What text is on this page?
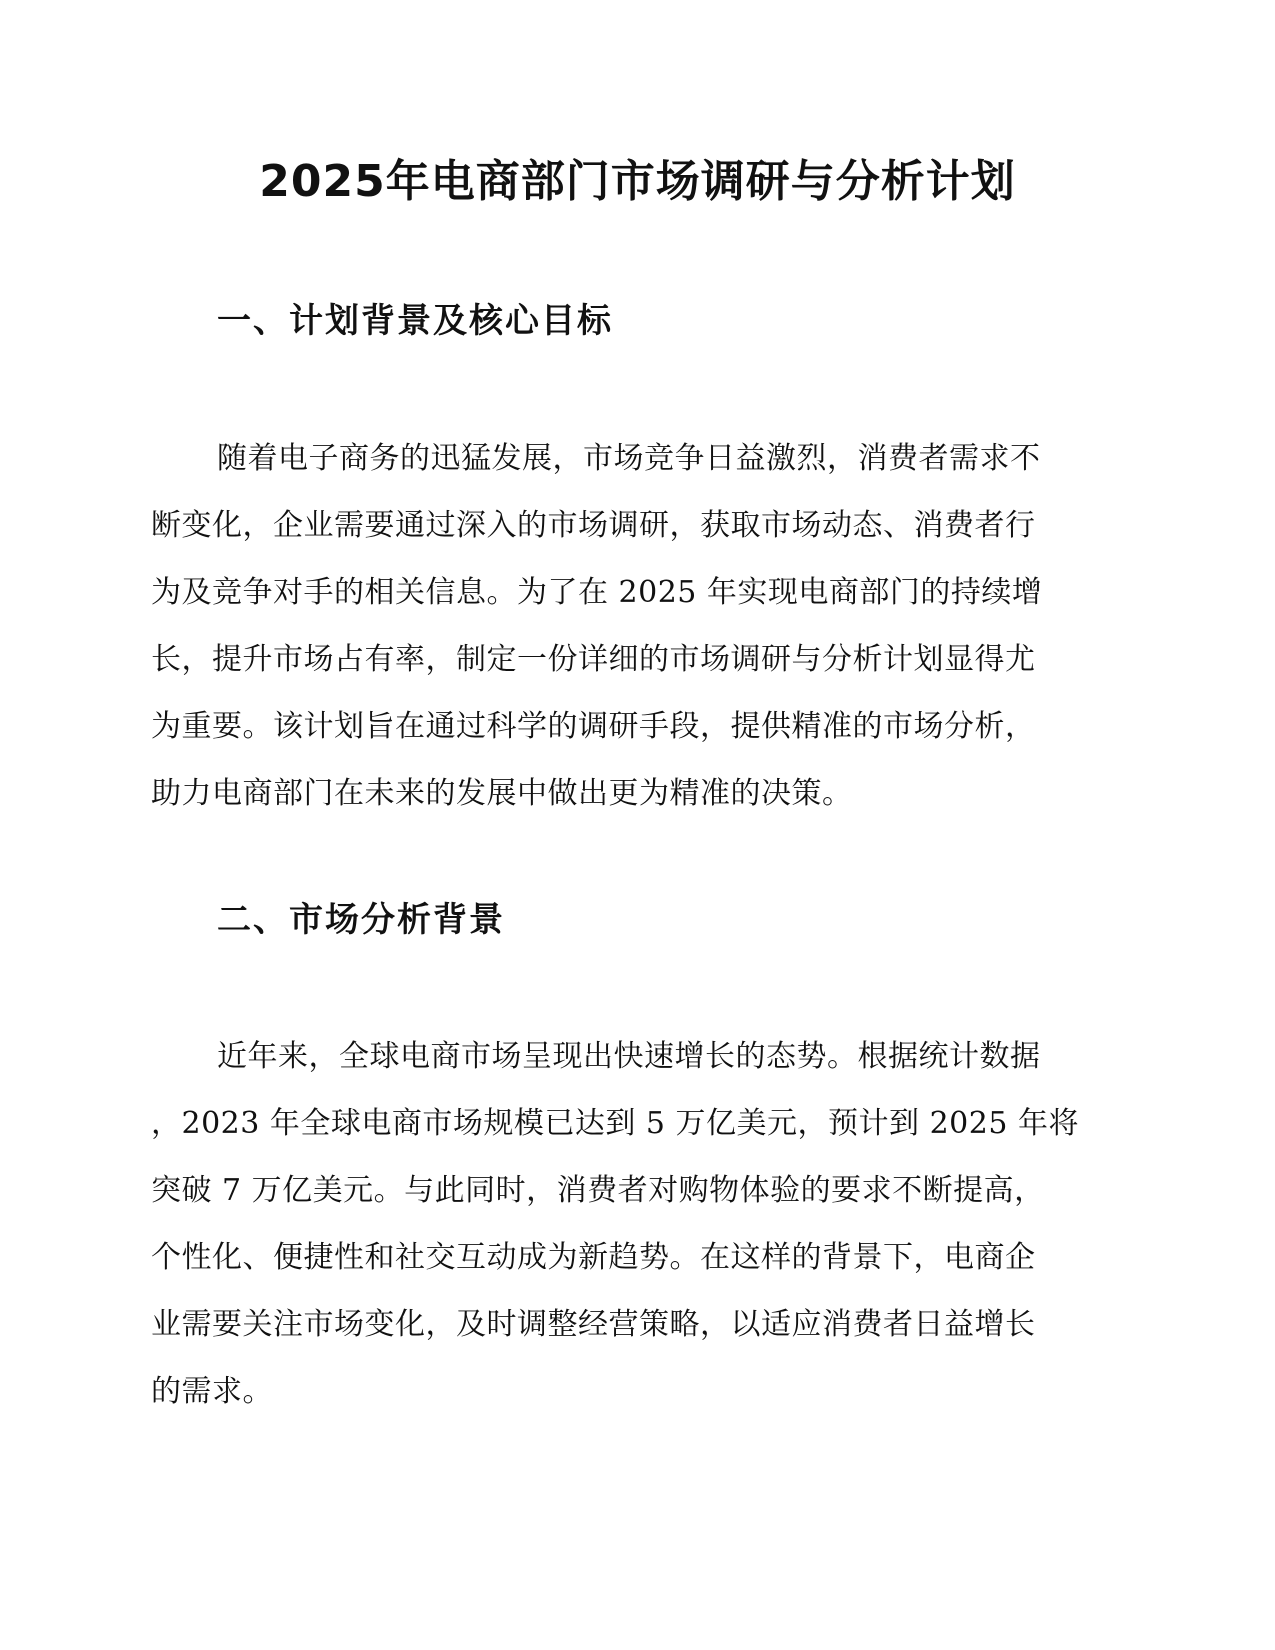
2025年电商部门市场调研与分析计划
一、计划背景及核心目标

随着电子商务的迅猛发展，市场竞争日益激烈，消费者需求不
断变化，企业需要通过深入的市场调研，获取市场动态、消费者行
为及竞争对手的相关信息。为了在 2025 年实现电商部门的持续增
长，提升市场占有率，制定一份详细的市场调研与分析计划显得尤
为重要。该计划旨在通过科学的调研手段，提供精准的市场分析，
助力电商部门在未来的发展中做出更为精准的决策。

二、市场分析背景

近年来，全球电商市场呈现出快速增长的态势。根据统计数据
，2023 年全球电商市场规模已达到 5 万亿美元，预计到 2025 年将
突破 7 万亿美元。与此同时，消费者对购物体验的要求不断提高，
个性化、便捷性和社交互动成为新趋势。在这样的背景下，电商企
业需要关注市场变化，及时调整经营策略，以适应消费者日益增长
的需求。
